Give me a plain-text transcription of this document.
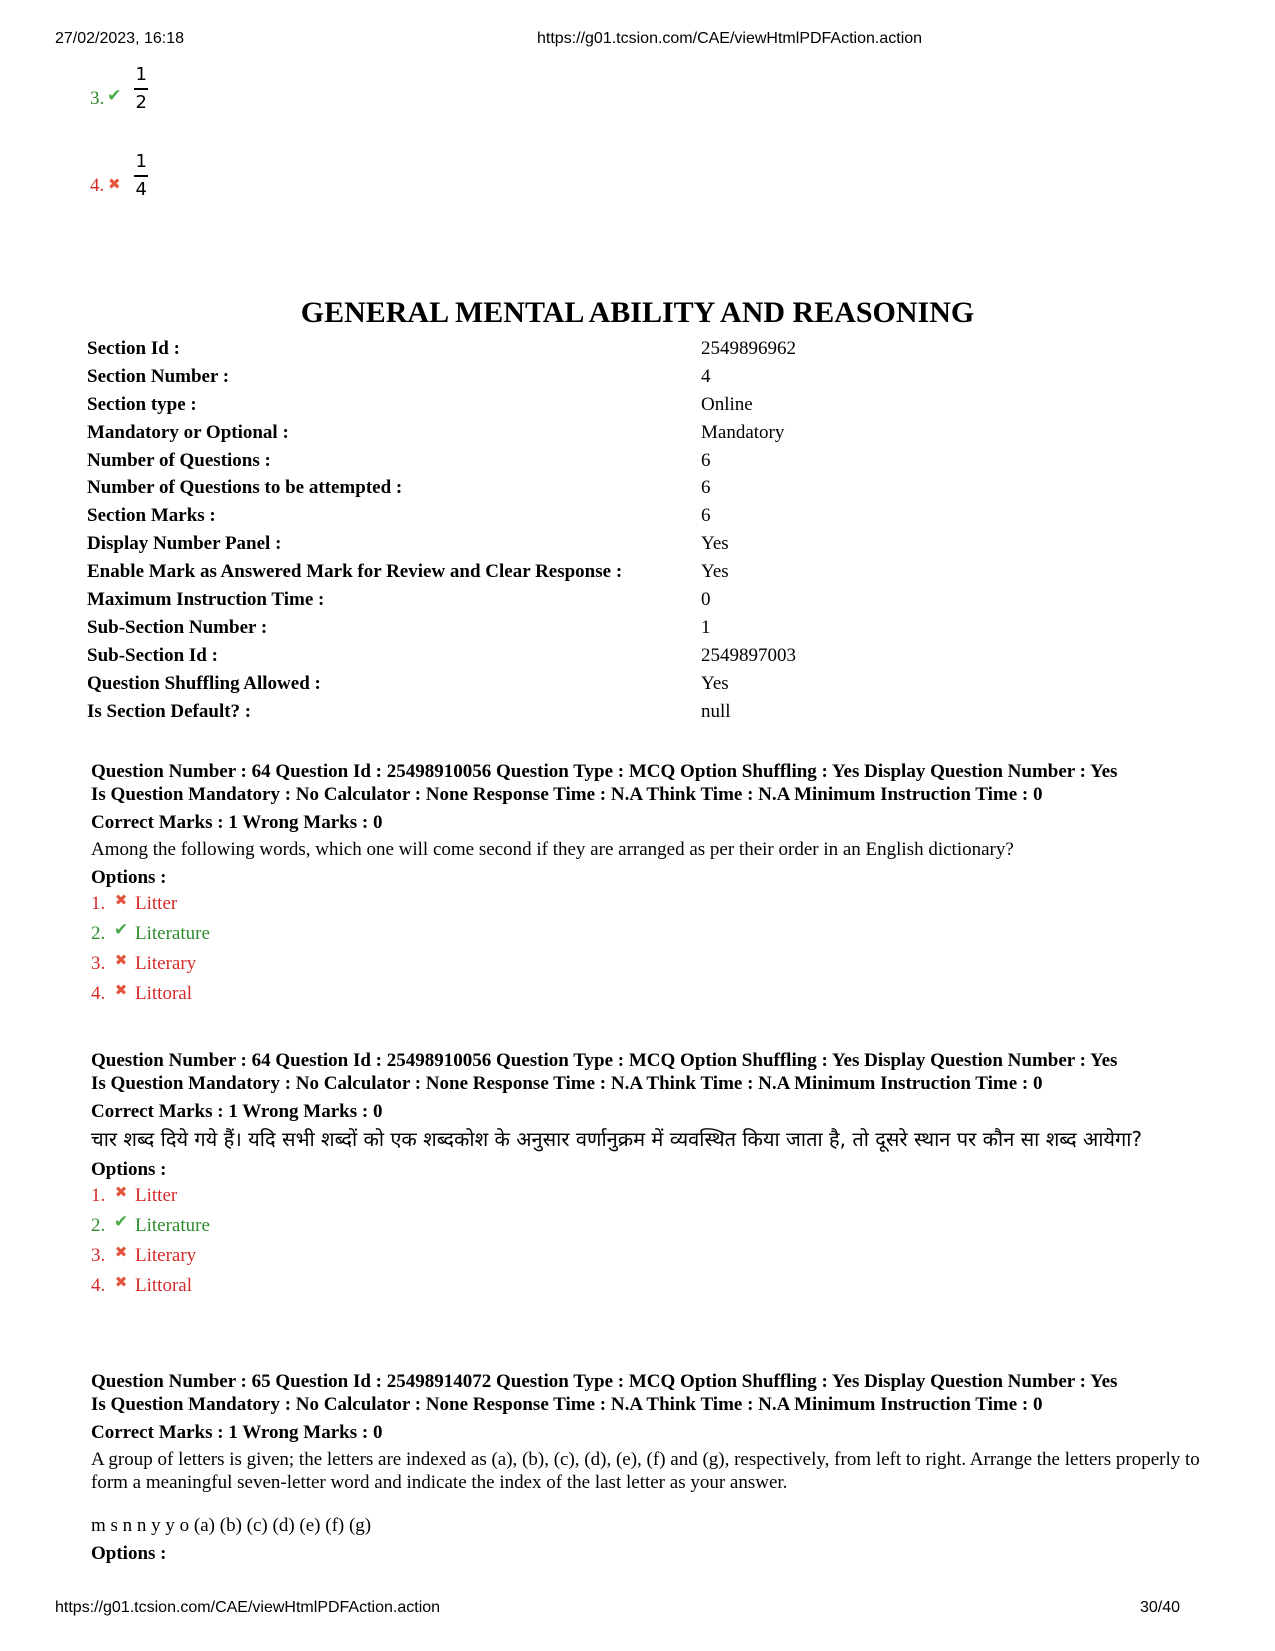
27/02/2023, 16:18	https://g01.tcsion.com/CAE/viewHtmlPDFAction.action
https://g01.tcsion.com/CAE/viewHtmlPDFAction.action	30/40
3. ✔ $\frac{1}{2}$
4. ✖ $\frac{1}{4}$
GENERAL MENTAL ABILITY AND REASONING
Section Id :	2549896962
Section Number :	4
Section type :	Online
Mandatory or Optional :	Mandatory
Number of Questions :	6
Number of Questions to be attempted :	6
Section Marks :	6
Display Number Panel :	Yes
Enable Mark as Answered Mark for Review and Clear Response :	Yes
Maximum Instruction Time :	0
Sub-Section Number :	1
Sub-Section Id :	2549897003
Question Shuffling Allowed :	Yes
Is Section Default? :	null
Question Number : 64 Question Id : 25498910056 Question Type : MCQ Option Shuffling : Yes Display Question Number : Yes
Is Question Mandatory : No Calculator : None Response Time : N.A Think Time : N.A Minimum Instruction Time : 0
Correct Marks : 1 Wrong Marks : 0
Among the following words, which one will come second if they are arranged as per their order in an English dictionary?
Options :
1. ✖ Litter
2. ✔ Literature
3. ✖ Literary
4. ✖ Littoral
Question Number : 64 Question Id : 25498910056 Question Type : MCQ Option Shuffling : Yes Display Question Number : Yes
Is Question Mandatory : No Calculator : None Response Time : N.A Think Time : N.A Minimum Instruction Time : 0
Correct Marks : 1 Wrong Marks : 0
चार शब्द दिये गये हैं। यदि सभी शब्दों को एक शब्दकोश के अनुसार वर्णानुक्रम में व्यवस्थित किया जाता है, तो दूसरे स्थान पर कौन सा शब्द आयेगा?
Options :
1. ✖ Litter
2. ✔ Literature
3. ✖ Literary
4. ✖ Littoral
Question Number : 65 Question Id : 25498914072 Question Type : MCQ Option Shuffling : Yes Display Question Number : Yes
Is Question Mandatory : No Calculator : None Response Time : N.A Think Time : N.A Minimum Instruction Time : 0
Correct Marks : 1 Wrong Marks : 0
A group of letters is given; the letters are indexed as (a), (b), (c), (d), (e), (f) and (g), respectively, from left to right. Arrange the letters properly to form a meaningful seven-letter word and indicate the index of the last letter as your answer.
m s n n y y o (a) (b) (c) (d) (e) (f) (g)
Options :
